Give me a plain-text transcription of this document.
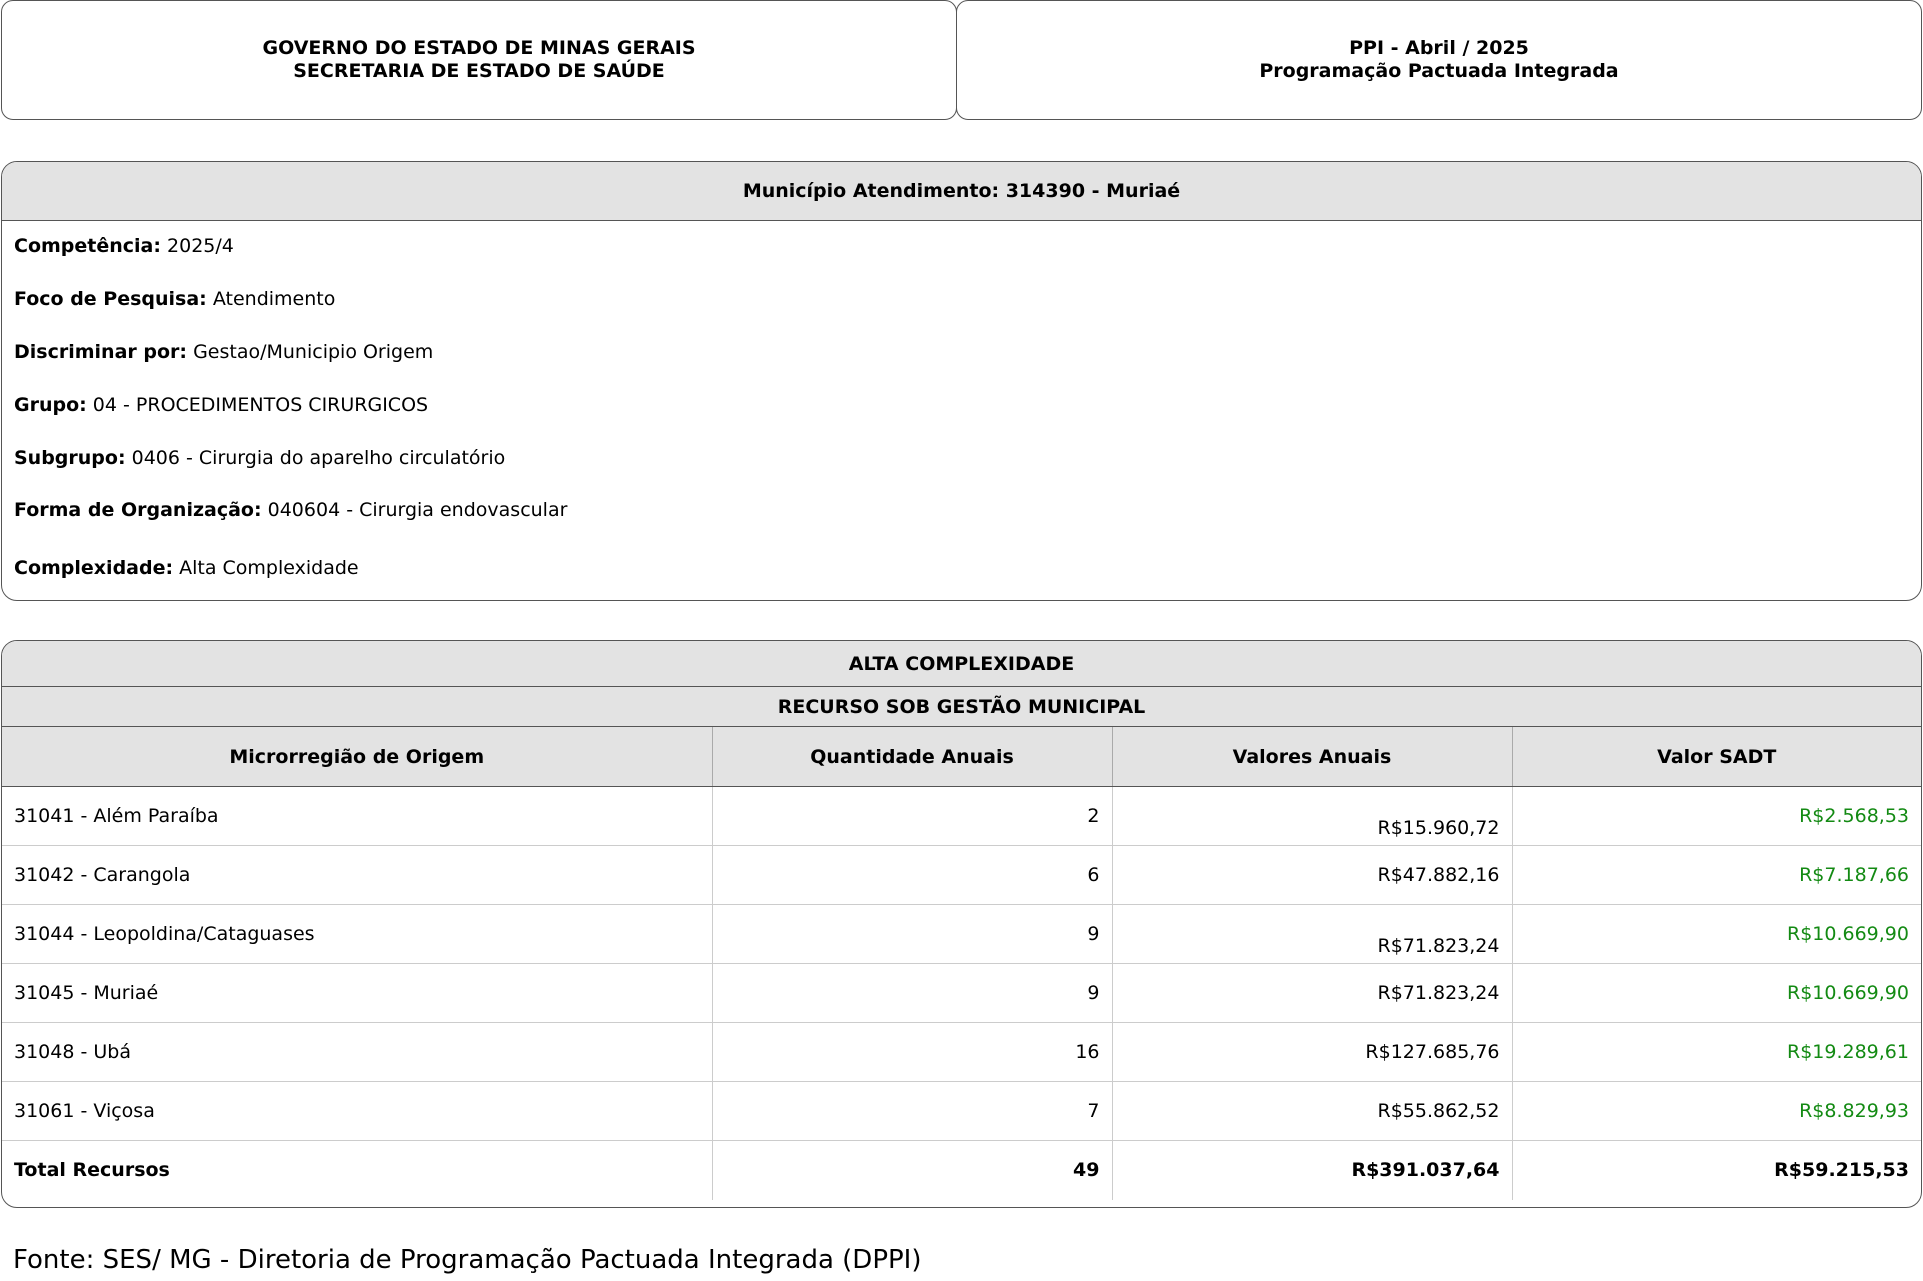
GOVERNO DO ESTADO DE MINAS GERAIS
SECRETARIA DE ESTADO DE SAÚDE
PPI - Abril / 2025
Programação Pactuada Integrada
Município Atendimento: 314390 - Muriaé
Competência: 2025/4
Foco de Pesquisa: Atendimento
Discriminar por: Gestao/Municipio Origem
Grupo: 04 - PROCEDIMENTOS CIRURGICOS
Subgrupo: 0406 - Cirurgia do aparelho circulatório
Forma de Organização: 040604 - Cirurgia endovascular
Complexidade: Alta Complexidade
ALTA COMPLEXIDADE
RECURSO SOB GESTÃO MUNICIPAL
Microrregião de Origem	Quantidade Anuais	Valores Anuais	Valor SADT
31041 - Além Paraíba	2	R$15.960,72	R$2.568,53
31042 - Carangola	6	R$47.882,16	R$7.187,66
31044 - Leopoldina/Cataguases	9	R$71.823,24	R$10.669,90
31045 - Muriaé	9	R$71.823,24	R$10.669,90
31048 - Ubá	16	R$127.685,76	R$19.289,61
31061 - Viçosa	7	R$55.862,52	R$8.829,93
Total Recursos	49	R$391.037,64	R$59.215,53
Fonte: SES/ MG - Diretoria de Programação Pactuada Integrada (DPPI)
